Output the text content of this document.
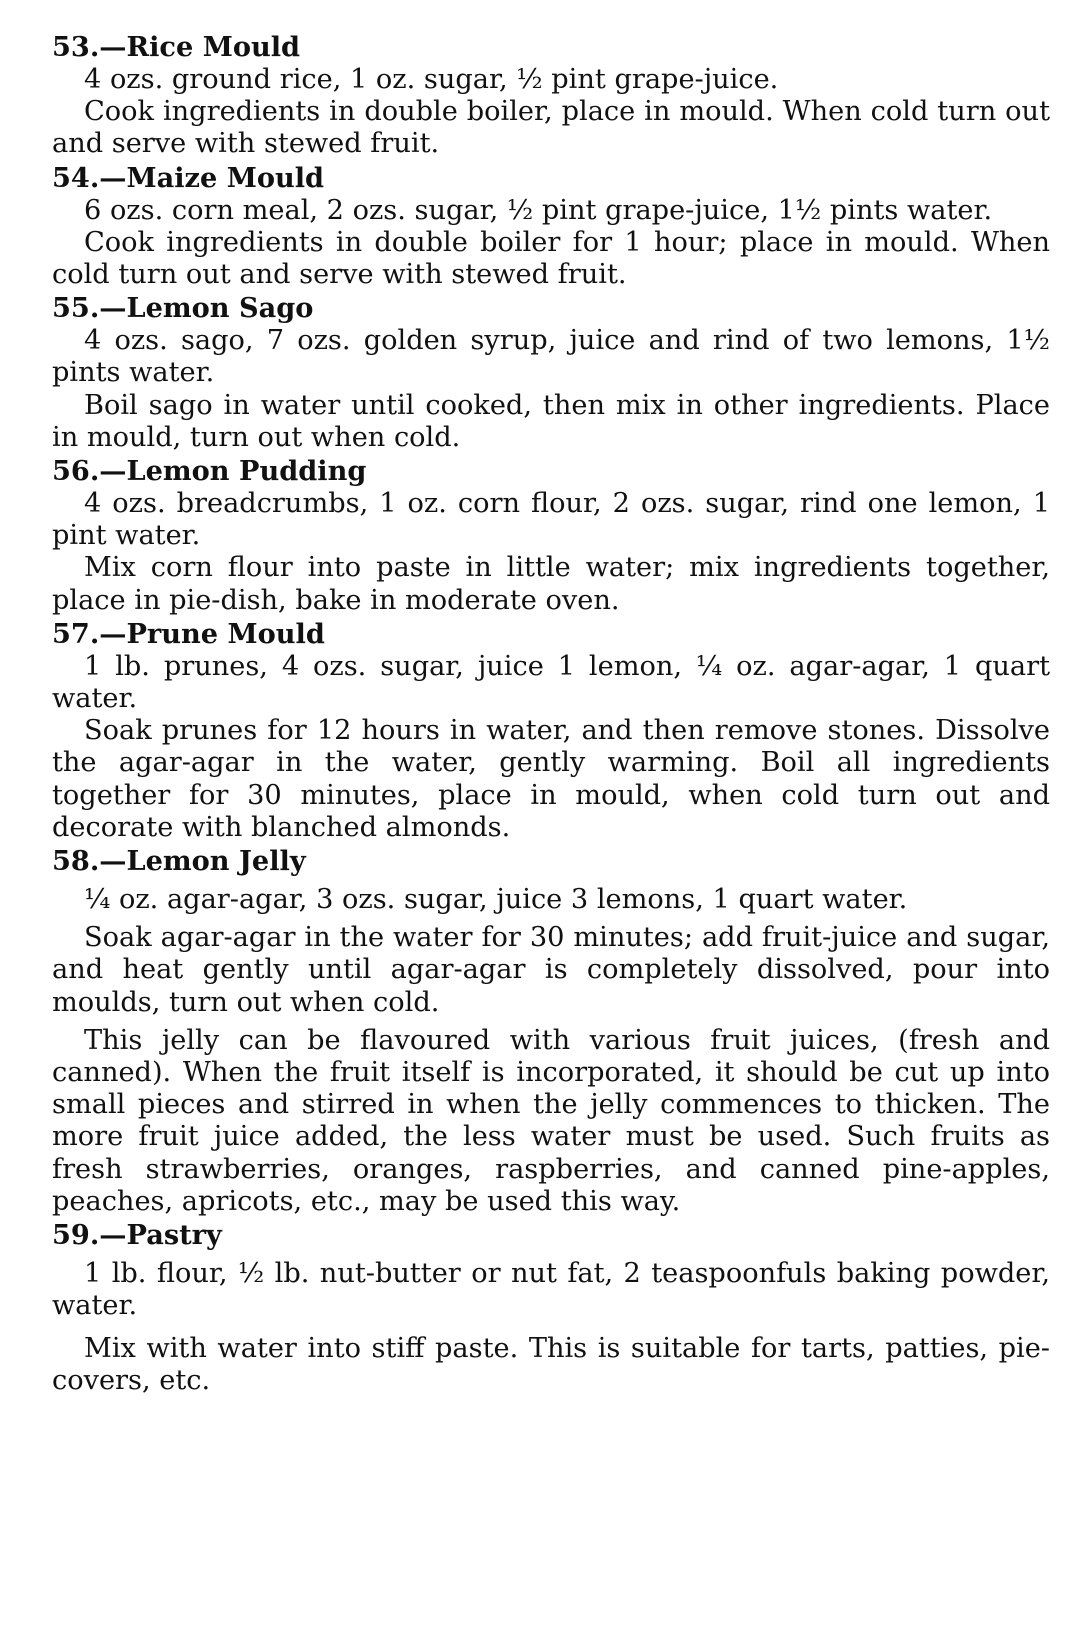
53.—Rice Mould

4 ozs. ground rice, 1 oz. sugar, ½ pint grape-juice.

Cook ingredients in double boiler, place in mould. When cold turn out and serve with stewed fruit.

54.—Maize Mould

6 ozs. corn meal, 2 ozs. sugar, ½ pint grape-juice, 1½ pints water.

Cook ingredients in double boiler for 1 hour; place in mould. When cold turn out and serve with stewed fruit.

55.—Lemon Sago

4 ozs. sago, 7 ozs. golden syrup, juice and rind of two lemons, 1½ pints water.

Boil sago in water until cooked, then mix in other ingredients. Place in mould, turn out when cold.

56.—Lemon Pudding

4 ozs. breadcrumbs, 1 oz. corn flour, 2 ozs. sugar, rind one lemon, 1 pint water.

Mix corn flour into paste in little water; mix ingredients together, place in pie-dish, bake in moderate oven.

57.—Prune Mould

1 lb. prunes, 4 ozs. sugar, juice 1 lemon, ¼ oz. agar-agar, 1 quart water.

Soak prunes for 12 hours in water, and then remove stones. Dissolve the agar-agar in the water, gently warming. Boil all ingredients together for 30 minutes, place in mould, when cold turn out and decorate with blanched almonds.

58.—Lemon Jelly

¼ oz. agar-agar, 3 ozs. sugar, juice 3 lemons, 1 quart water.

Soak agar-agar in the water for 30 minutes; add fruit-juice and sugar, and heat gently until agar-agar is completely dissolved, pour into moulds, turn out when cold.

This jelly can be flavoured with various fruit juices, (fresh and canned). When the fruit itself is incorporated, it should be cut up into small pieces and stirred in when the jelly commences to thicken. The more fruit juice added, the less water must be used. Such fruits as fresh strawberries, oranges, raspberries, and canned pine-apples, peaches, apricots, etc., may be used this way.

59.—Pastry

1 lb. flour, ½ lb. nut-butter or nut fat, 2 teaspoonfuls baking powder, water.

Mix with water into stiff paste. This is suitable for tarts, patties, pie-covers, etc.
